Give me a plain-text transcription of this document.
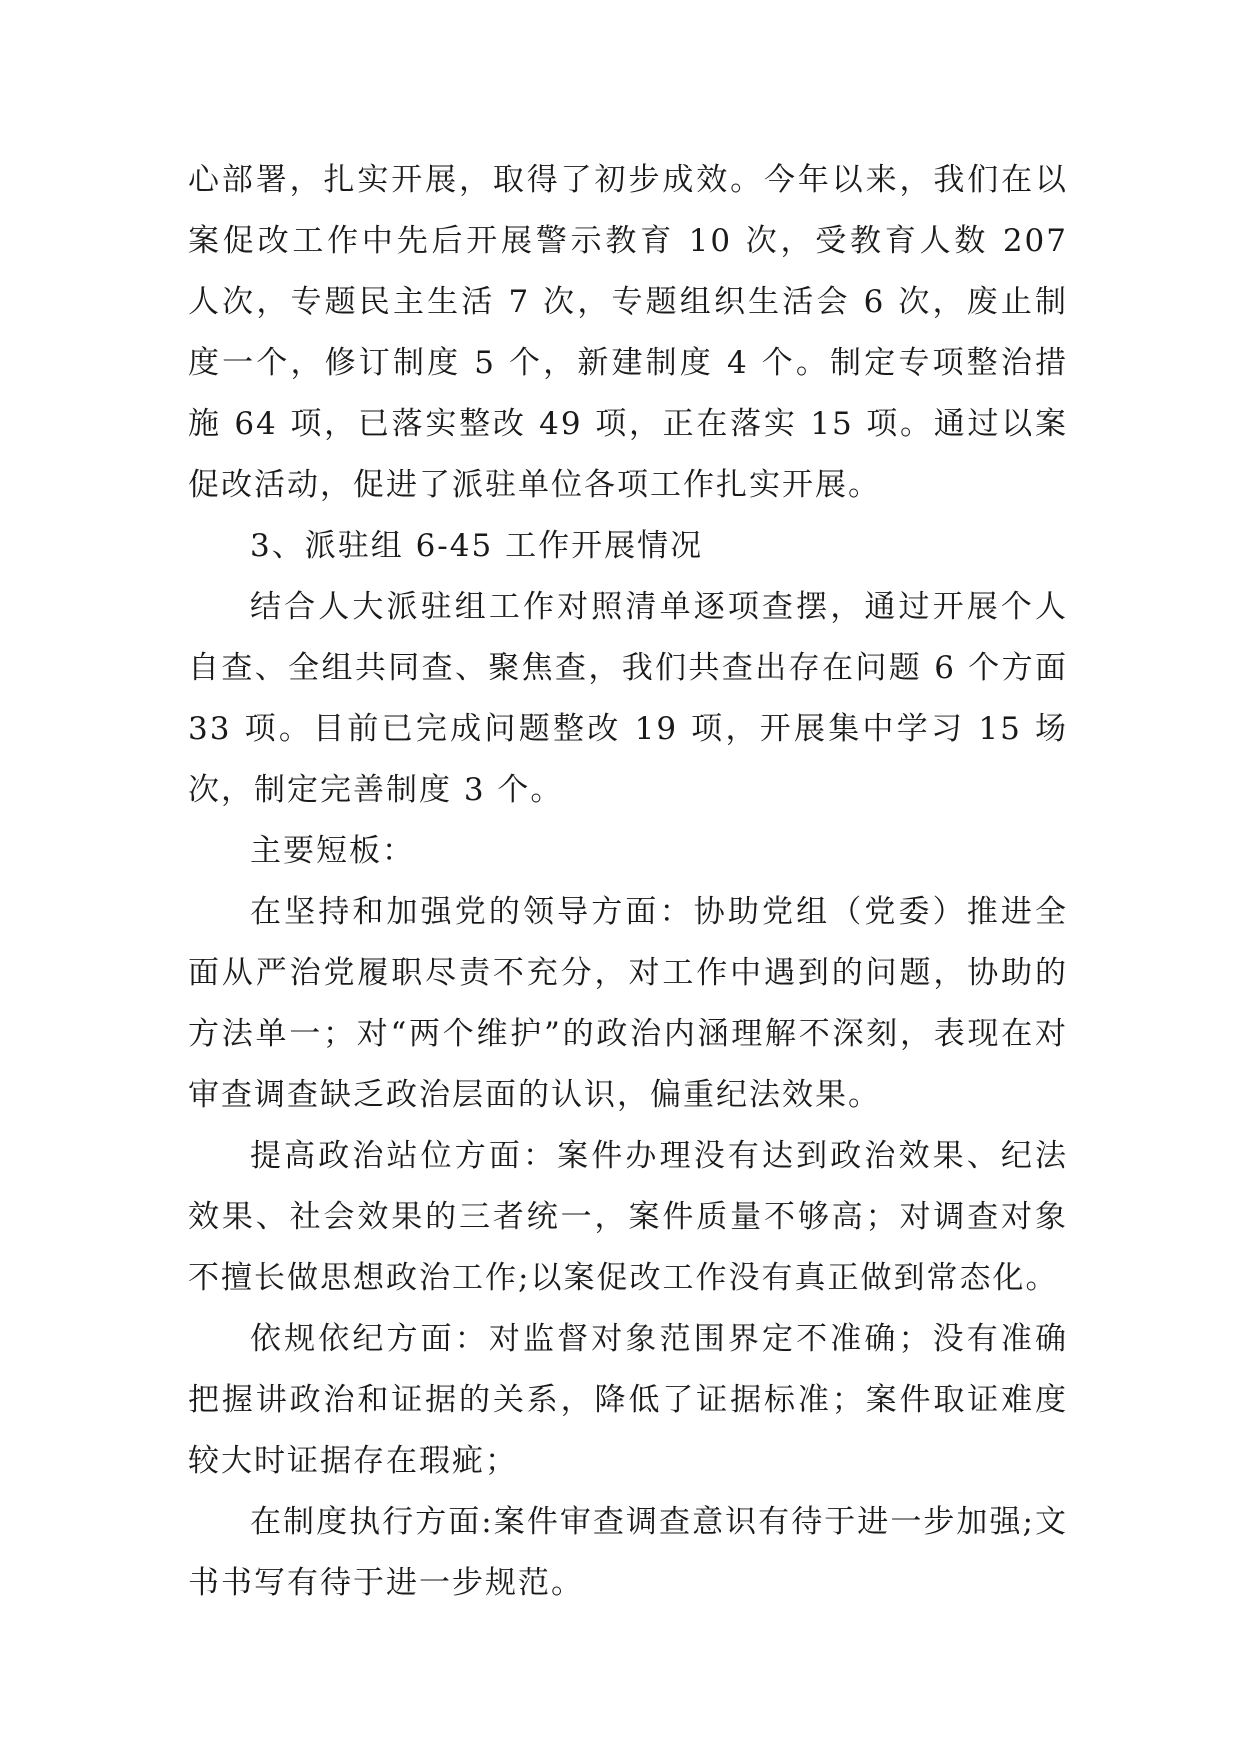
心部署，扎实开展，取得了初步成效。今年以来，我们在以案促改工作中先后开展警示教育 10 次，受教育人数 207 人次，专题民主生活 7 次，专题组织生活会 6 次，废止制度一个，修订制度 5 个，新建制度 4 个。制定专项整治措施 64 项，已落实整改 49 项，正在落实 15 项。通过以案促改活动，促进了派驻单位各项工作扎实开展。

3、派驻组 6-45 工作开展情况

结合人大派驻组工作对照清单逐项查摆，通过开展个人自查、全组共同查、聚焦查，我们共查出存在问题 6 个方面 33 项。目前已完成问题整改 19 项，开展集中学习 15 场次，制定完善制度 3 个。

主要短板：

在坚持和加强党的领导方面：协助党组（党委）推进全面从严治党履职尽责不充分，对工作中遇到的问题，协助的方法单一；对“两个维护”的政治内涵理解不深刻，表现在对审查调查缺乏政治层面的认识，偏重纪法效果。

提高政治站位方面：案件办理没有达到政治效果、纪法效果、社会效果的三者统一，案件质量不够高；对调查对象不擅长做思想政治工作;以案促改工作没有真正做到常态化。

依规依纪方面：对监督对象范围界定不准确；没有准确把握讲政治和证据的关系，降低了证据标准；案件取证难度较大时证据存在瑕疵；

在制度执行方面:案件审查调查意识有待于进一步加强;文书书写有待于进一步规范。
